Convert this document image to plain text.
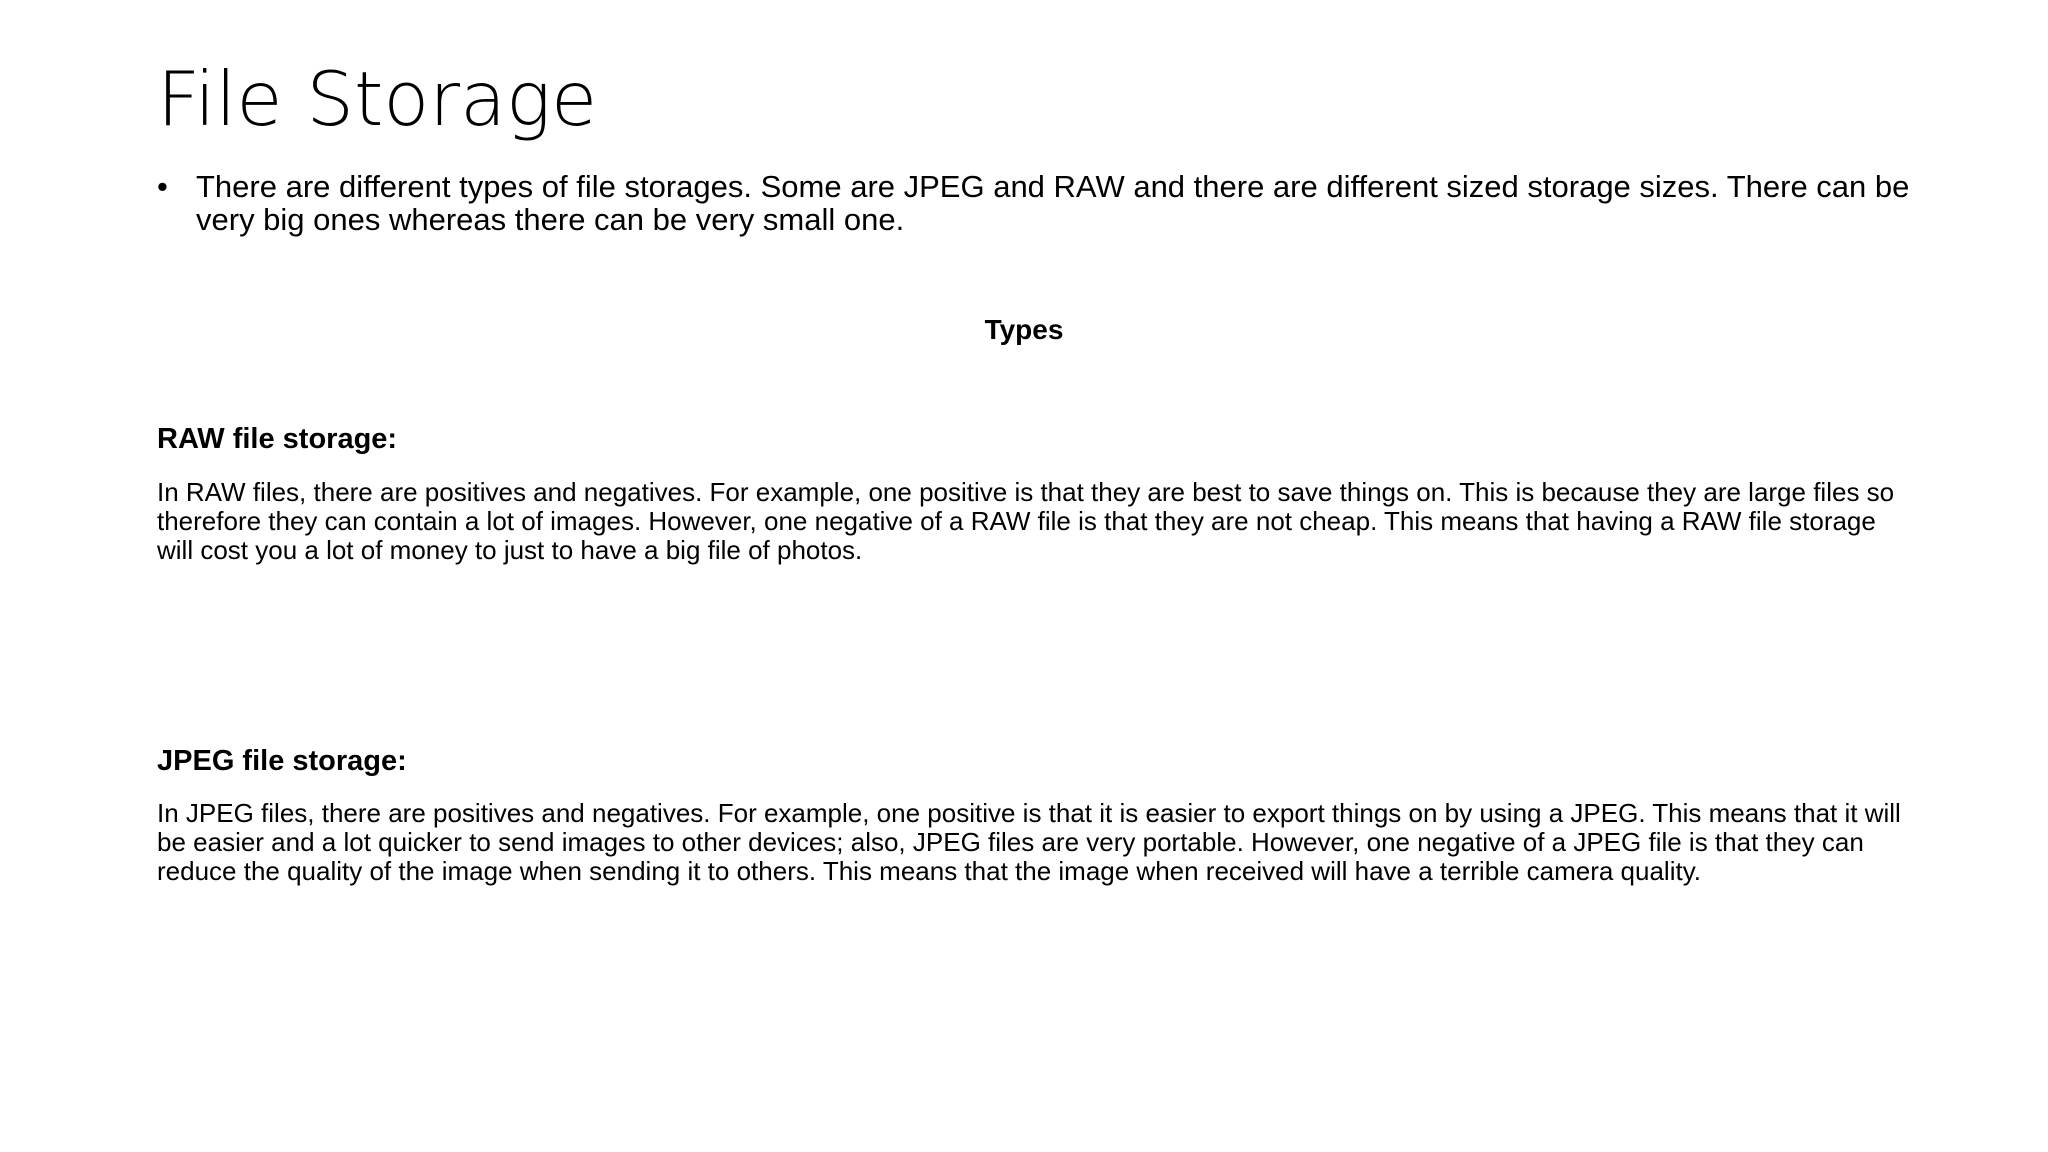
File Storage
• There are different types of file storages. Some are JPEG and RAW and there are different sized storage sizes. There can be very big ones whereas there can be very small one.
Types
RAW file storage:

In RAW files, there are positives and negatives. For example, one positive is that they are best to save things on. This is because they are large files so therefore they can contain a lot of images. However, one negative of a RAW file is that they are not cheap. This means that having a RAW file storage will cost you a lot of money to just to have a big file of photos.

JPEG file storage:

In JPEG files, there are positives and negatives. For example, one positive is that it is easier to export things on by using a JPEG. This means that it will be easier and a lot quicker to send images to other devices; also, JPEG files are very portable. However, one negative of a JPEG file is that they can reduce the quality of the image when sending it to others. This means that the image when received will have a terrible camera quality.
